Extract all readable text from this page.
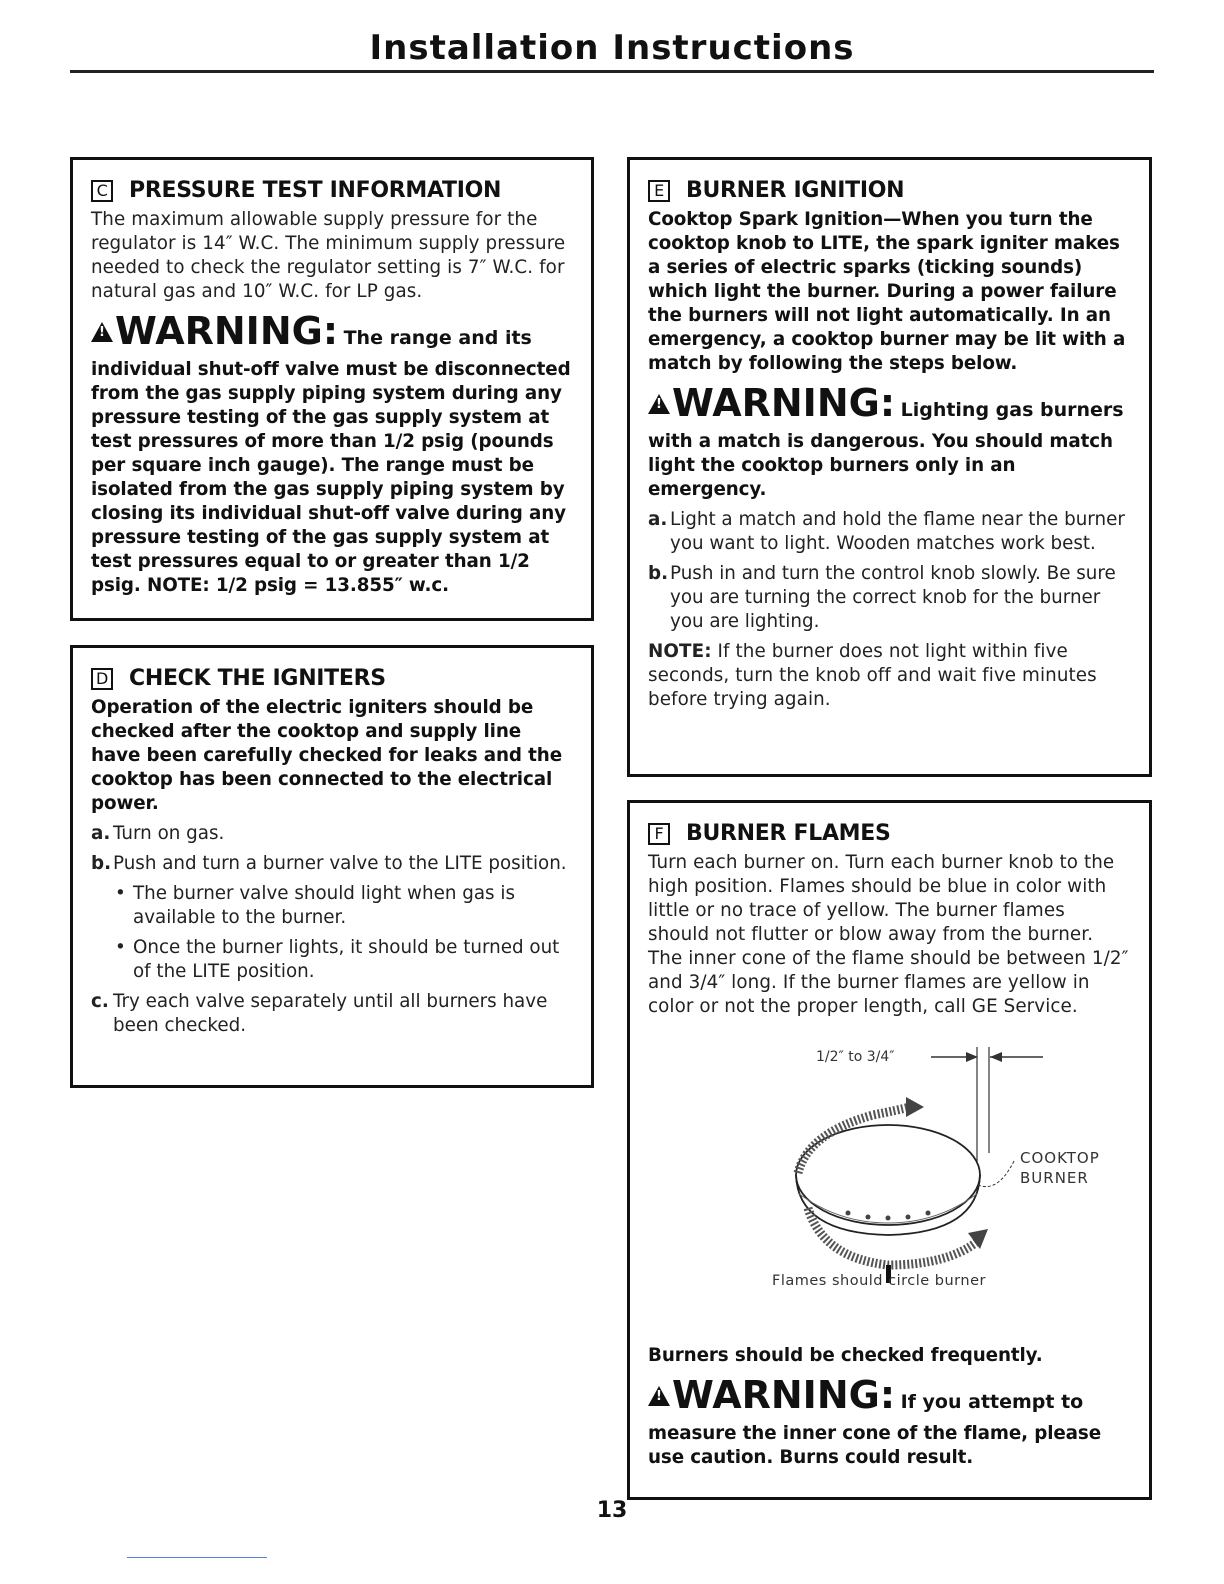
Installation Instructions
C PRESSURE TEST INFORMATION

The maximum allowable supply pressure for the regulator is 14″ W.C. The minimum supply pressure needed to check the regulator setting is 7″ W.C. for natural gas and 10″ W.C. for LP gas.

!WARNING: The range and its

individual shut-off valve must be disconnected from the gas supply piping system during any pressure testing of the gas supply system at test pressures of more than 1/2 psig (pounds per square inch gauge). The range must be isolated from the gas supply piping system by closing its individual shut-off valve during any pressure testing of the gas supply system at test pressures equal to or greater than 1/2 psig. NOTE: 1/2 psig = 13.855″ w.c.

D CHECK THE IGNITERS

Operation of the electric igniters should be checked after the cooktop and supply line have been carefully checked for leaks and the cooktop has been connected to the electrical power.

a. Turn on gas.
b. Push and turn a burner valve to the LITE position.
• The burner valve should light when gas is available to the burner.
• Once the burner lights, it should be turned out of the LITE position.
c. Try each valve separately until all burners have been checked.
E BURNER IGNITION

Cooktop Spark Ignition—When you turn the cooktop knob to LITE, the spark igniter makes a series of electric sparks (ticking sounds) which light the burner. During a power failure the burners will not light automatically. In an emergency, a cooktop burner may be lit with a match by following the steps below.

!WARNING: Lighting gas burners

with a match is dangerous. You should match light the cooktop burners only in an emergency.

a. Light a match and hold the flame near the burner you want to light. Wooden matches work best.
b. Push in and turn the control knob slowly. Be sure you are turning the correct knob for the burner you are lighting.

NOTE: If the burner does not light within five seconds, turn the knob off and wait five minutes before trying again.

F BURNER FLAMES

Turn each burner on. Turn each burner knob to the high position. Flames should be blue in color with little or no trace of yellow. The burner flames should not flutter or blow away from the burner. The inner cone of the flame should be between 1/2″ and 3/4″ long. If the burner flames are yellow in color or not the proper length, call GE Service.

1/2″ to 3/4″
COOKTOP
BURNER
Flames should circle burner

Burners should be checked frequently.

!WARNING: If you attempt to

measure the inner cone of the flame, please use caution. Burns could result.

13
